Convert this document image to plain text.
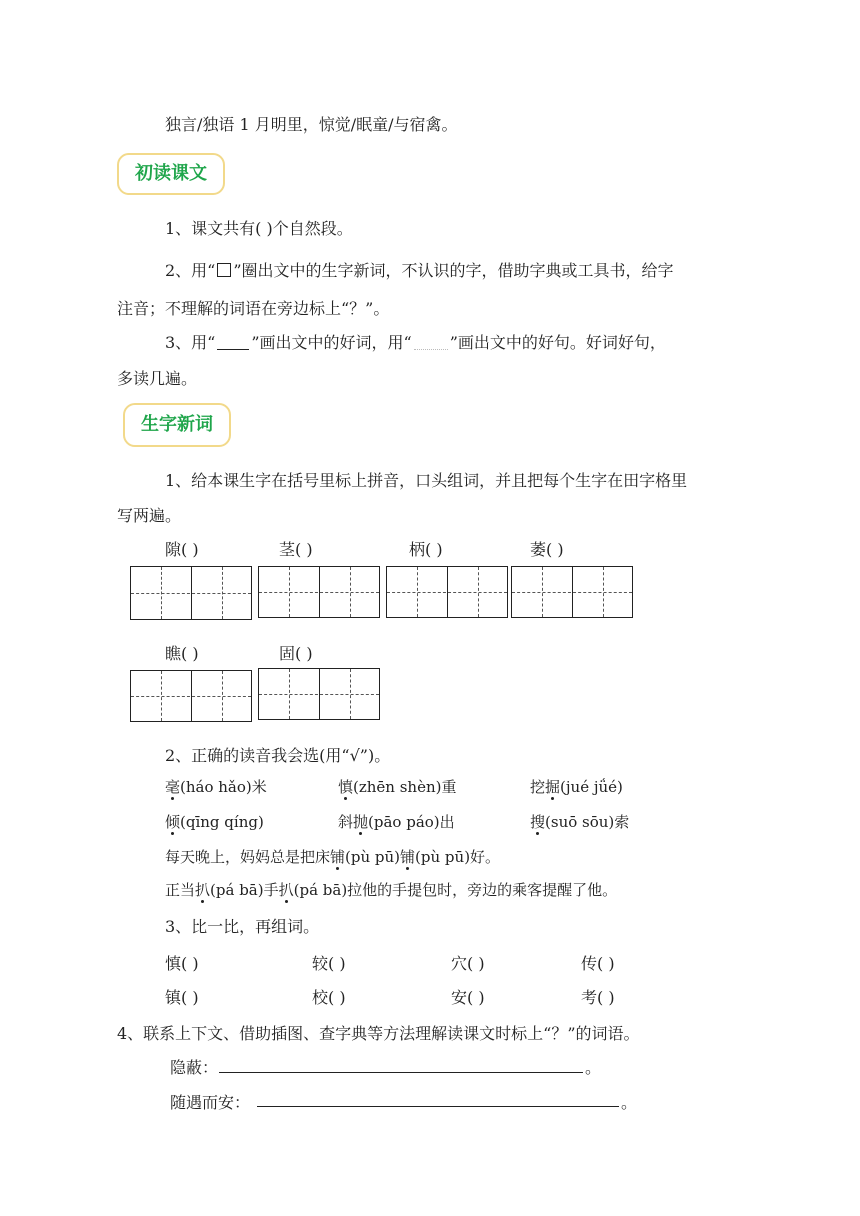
独言/独语 1 月明里，惊觉/眠童/与宿禽。
初读课文
1、课文共有( )个自然段。
2、用“ ”圈出文中的生字新词，不认识的字，借助字典或工具书，给字
注音；不理解的词语在旁边标上“？”。
3、用“ ”画出文中的好词，用“ ”画出文中的好句。好词好句，
多读几遍。
生字新词
1、给本课生字在括号里标上拼音，口头组词，并且把每个生字在田字格里
写两遍。
隙( )	茎( )	柄( )	萎( )
瞧( )	固( )
2、正确的读音我会选(用“√”)。
毫(háo hǎo)米	慎(zhēn shèn)重	挖掘(jué jǘé)
倾(qīng qíng)	斜抛(pāo páo)出	搜(suō sōu)索
每天晚上，妈妈总是把床铺(pù pū)铺(pù pū)好。
正当扒(pá bā)手扒(pá bā)拉他的手提包时，旁边的乘客提醒了他。
3、比一比，再组词。
慎( )	较( )	穴( )	传( )
镇( )	校( )	安( )	考( )
4、联系上下文、借助插图、查字典等方法理解读课文时标上“？”的词语。
隐蔽：	。
随遇而安：	。
